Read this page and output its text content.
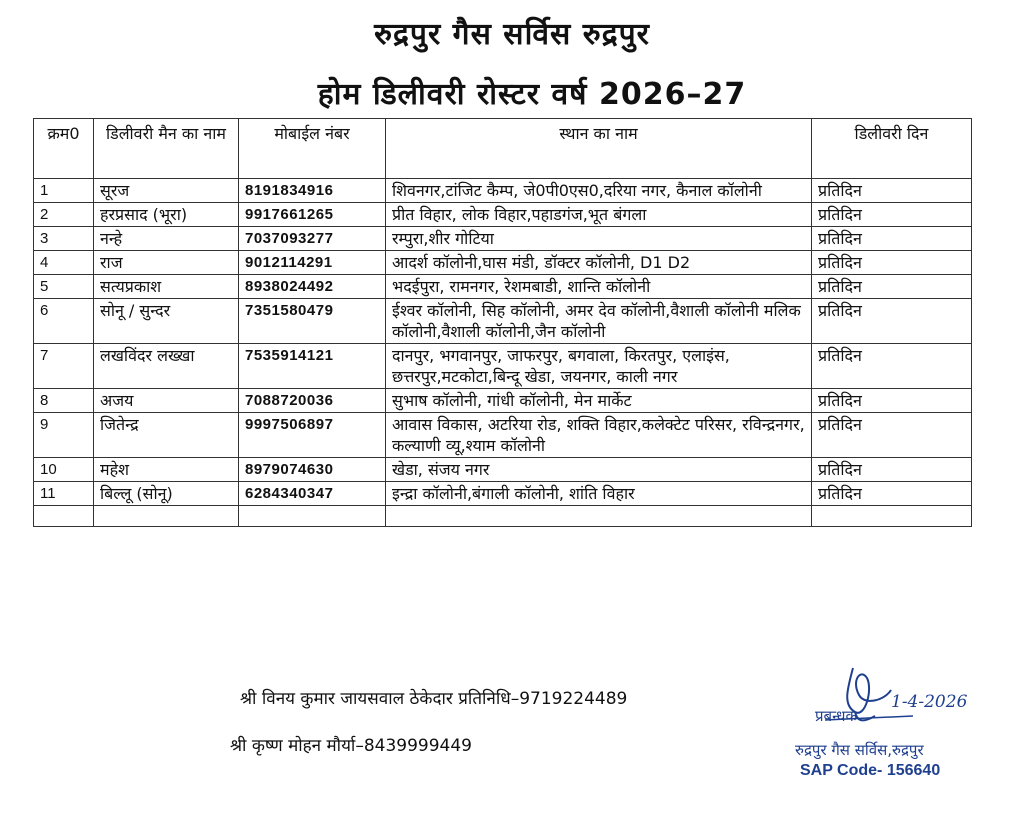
रुद्रपुर गैस सर्विस रुद्रपुर
होम डिलीवरी रोस्टर वर्ष 2026–27
क्रम0	डिलीवरी मैन का नाम	मोबाईल नंबर	स्थान का नाम	डिलीवरी दिन
1	सूरज	8191834916	शिवनगर,टांजिट कैम्प, जे0पी0एस0,दरिया नगर, कैनाल कॉलोनी	प्रतिदिन
2	हरप्रसाद (भूरा)	9917661265	प्रीत विहार, लोक विहार,पहाडगंज,भूत बंगला	प्रतिदिन
3	नन्हे	7037093277	रम्पुरा,शीर गोटिया	प्रतिदिन
4	राज	9012114291	आदर्श कॉलोनी,घास मंडी, डॉक्टर कॉलोनी, D1 D2	प्रतिदिन
5	सत्यप्रकाश	8938024492	भदईपुरा, रामनगर, रेशमबाडी, शान्ति कॉलोनी	प्रतिदिन
6	सोनू / सुन्दर	7351580479	ईश्वर कॉलोनी, सिह कॉलोनी, अमर देव कॉलोनी,वैशाली कॉलोनी मलिक कॉलोनी,वैशाली कॉलोनी,जैन कॉलोनी	प्रतिदिन
7	लखविंदर लख्खा	7535914121	दानपुर, भगवानपुर, जाफरपुर, बगवाला, किरतपुर, एलाइंस, छत्तरपुर,मटकोटा,बिन्दू खेडा, जयनगर, काली नगर	प्रतिदिन
8	अजय	7088720036	सुभाष कॉलोनी, गांधी कॉलोनी, मेन मार्केट	प्रतिदिन
9	जितेन्द्र	9997506897	आवास विकास, अटरिया रोड, शक्ति विहार,कलेक्टेट परिसर, रविन्द्रनगर, कल्याणी व्यू,श्याम कॉलोनी	प्रतिदिन
10	महेश	8979074630	खेडा, संजय नगर	प्रतिदिन
11	बिल्लू (सोनू)	6284340347	इन्द्रा कॉलोनी,बंगाली कॉलोनी, शांति विहार	प्रतिदिन

श्री विनय कुमार जायसवाल ठेकेदार प्रतिनिधि–9719224489
श्री कृष्ण मोहन मौर्या–8439999449
1-4-2026
प्रबन्धक
रुद्रपुर गैस सर्विस,रुद्रपुर
SAP Code- 156640
